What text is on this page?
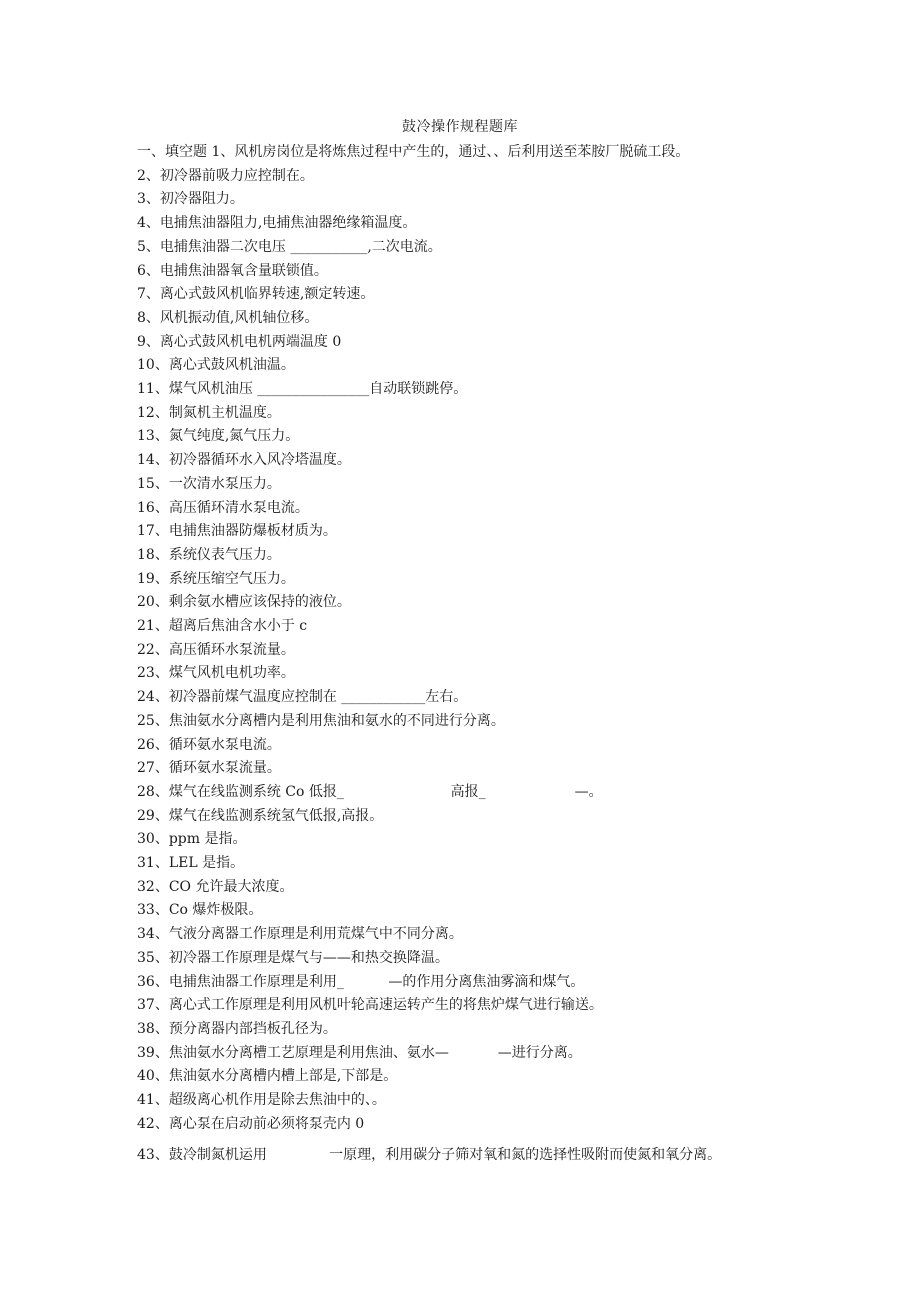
鼓冷操作规程题库
一、填空题 1、风机房岗位是将炼焦过程中产生的，通过、、后利用送至苯胺厂脱硫工段。
2、初冷器前吸力应控制在。
3、初冷器阻力。
4、电捕焦油器阻力,电捕焦油器绝缘箱温度。
5、电捕焦油器二次电压 ___________,二次电流。
6、电捕焦油器氧含量联锁值。
7、离心式鼓风机临界转速,额定转速。
8、风机振动值,风机轴位移。
9、离心式鼓风机电机两端温度 0
10、离心式鼓风机油温。
11、煤气风机油压 ________________自动联锁跳停。
12、制氮机主机温度。
13、氮气纯度,氮气压力。
14、初冷器循环水入风冷塔温度。
15、一次清水泵压力。
16、高压循环清水泵电流。
17、电捕焦油器防爆板材质为。
18、系统仪表气压力。
19、系统压缩空气压力。
20、剩余氨水槽应该保持的液位。
21、超离后焦油含水小于 c
22、高压循环水泵流量。
23、煤气风机电机功率。
24、初冷器前煤气温度应控制在 ____________左右。
25、焦油氨水分离槽内是利用焦油和氨水的不同进行分离。
26、循环氨水泵电流。
27、循环氨水泵流量。
28、煤气在线监测系统 Co 低报_                        高报_                    —。
29、煤气在线监测系统氢气低报,高报。
30、ppm 是指。
31、LEL 是指。
32、CO 允许最大浓度。
33、Co 爆炸极限。
34、气液分离器工作原理是利用荒煤气中不同分离。
35、初冷器工作原理是煤气与——和热交换降温。
36、电捕焦油器工作原理是利用_          —的作用分离焦油雾滴和煤气。
37、离心式工作原理是利用风机叶轮高速运转产生的将焦炉煤气进行输送。
38、预分离器内部挡板孔径为。
39、焦油氨水分离槽工艺原理是利用焦油、氨水—           —进行分离。
40、焦油氨水分离槽内槽上部是,下部是。
41、超级离心机作用是除去焦油中的、。
42、离心泵在启动前必须将泵壳内 0
43、鼓冷制氮机运用              一原理，利用碳分子筛对氧和氮的选择性吸附而使氮和氧分离。
